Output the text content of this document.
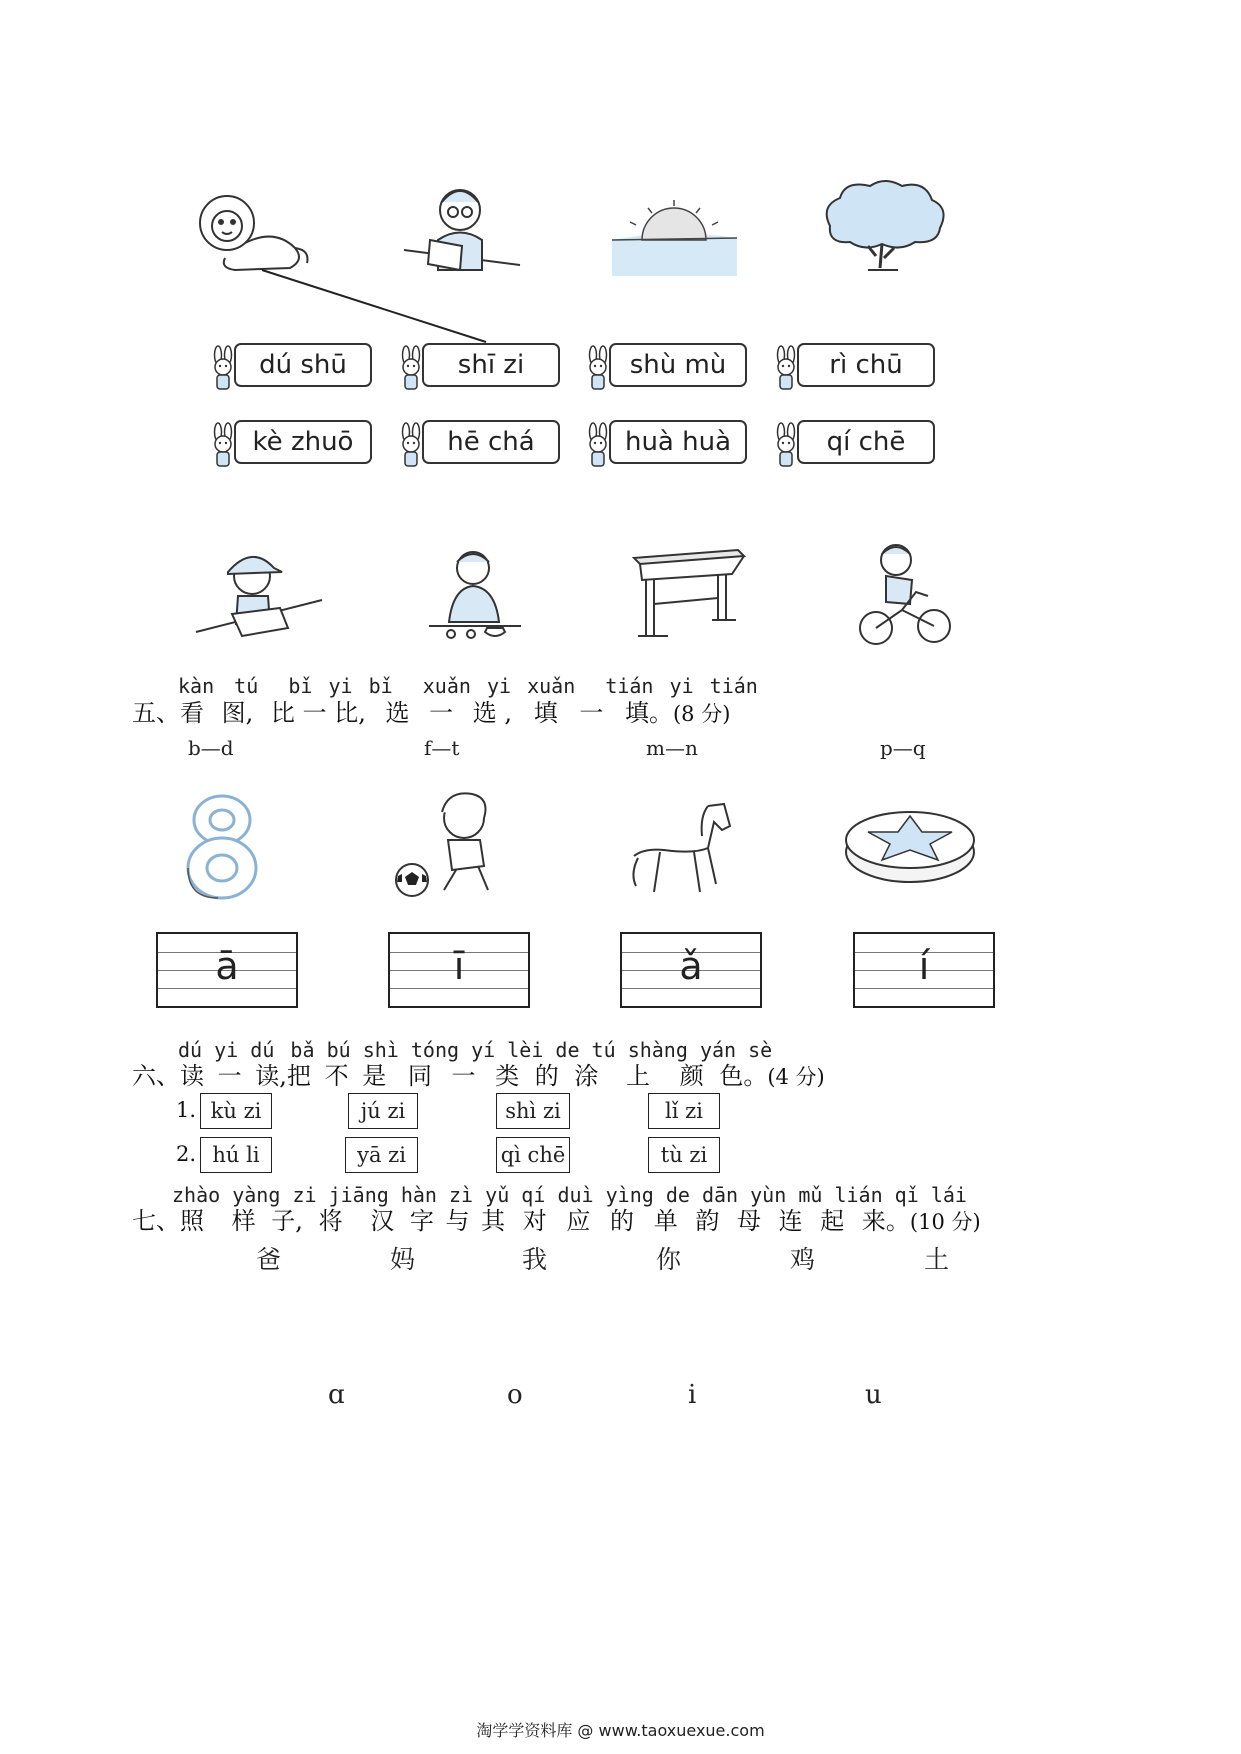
dú shū	shī zi	shù mù	rì chū
kè zhuō	hē chá	huà huà	qí chē
kàn tú bǐ yi bǐ xuǎn yi xuǎn tián yi tián
五、看 图, 比 一 比, 选 一 选 , 填 一 填。(8 分)
b—d	f—t	m—n	p—q
ā	ī	ǎ	í
dú yi dú bǎ bú shì tóng yí lèi de tú shàng yán sè
六、读 一 读,把 不 是 同 一 类 的 涂 上 颜 色。(4 分)
1. kù zi	jú zi	shì zi	lǐ zi
2. hú li	yā zi	qì chē	tù zi
zhào yàng zi jiāng hàn zì yǔ qí duì yìng de dān yùn mǔ lián qǐ lái
七、照 样 子, 将 汉 字 与 其 对 应 的 单 韵 母 连 起 来。(10 分)
爸	妈	我	你	鸡	土
ɑ	o	i	u
淘学学资料库 @ www.taoxuexue.com
